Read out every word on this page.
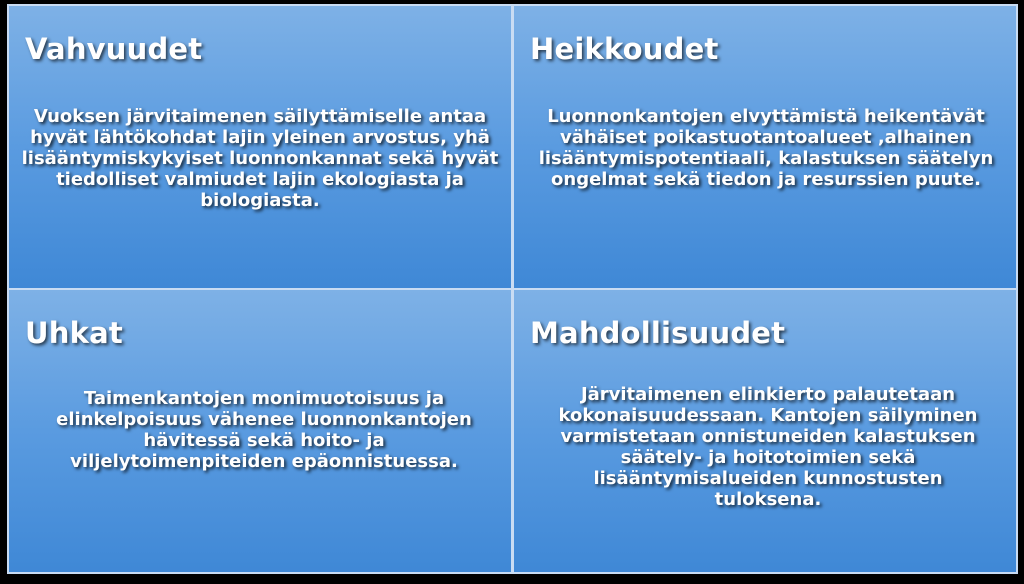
Vahvuudet
Vuoksen järvitaimenen säilyttämiselle antaa hyvät lähtökohdat lajin yleinen arvostus, yhä lisääntymiskykyiset luonnonkannat sekä hyvät tiedolliset valmiudet lajin ekologiasta ja biologiasta.
Heikkoudet
Luonnonkantojen elvyttämistä heikentävät vähäiset poikastuotantoalueet ,alhainen lisääntymispotentiaali, kalastuksen säätelyn ongelmat sekä tiedon ja resurssien puute.
Uhkat
Taimenkantojen monimuotoisuus ja elinkelpoisuus vähenee luonnonkantojen hävitessä sekä hoito- ja viljelytoimenpiteiden epäonnistuessa.
Mahdollisuudet
Järvitaimenen elinkierto palautetaan kokonaisuudessaan. Kantojen säilyminen varmistetaan onnistuneiden kalastuksen säätely- ja hoitotoimien sekä lisääntymisalueiden kunnostusten tuloksena.
